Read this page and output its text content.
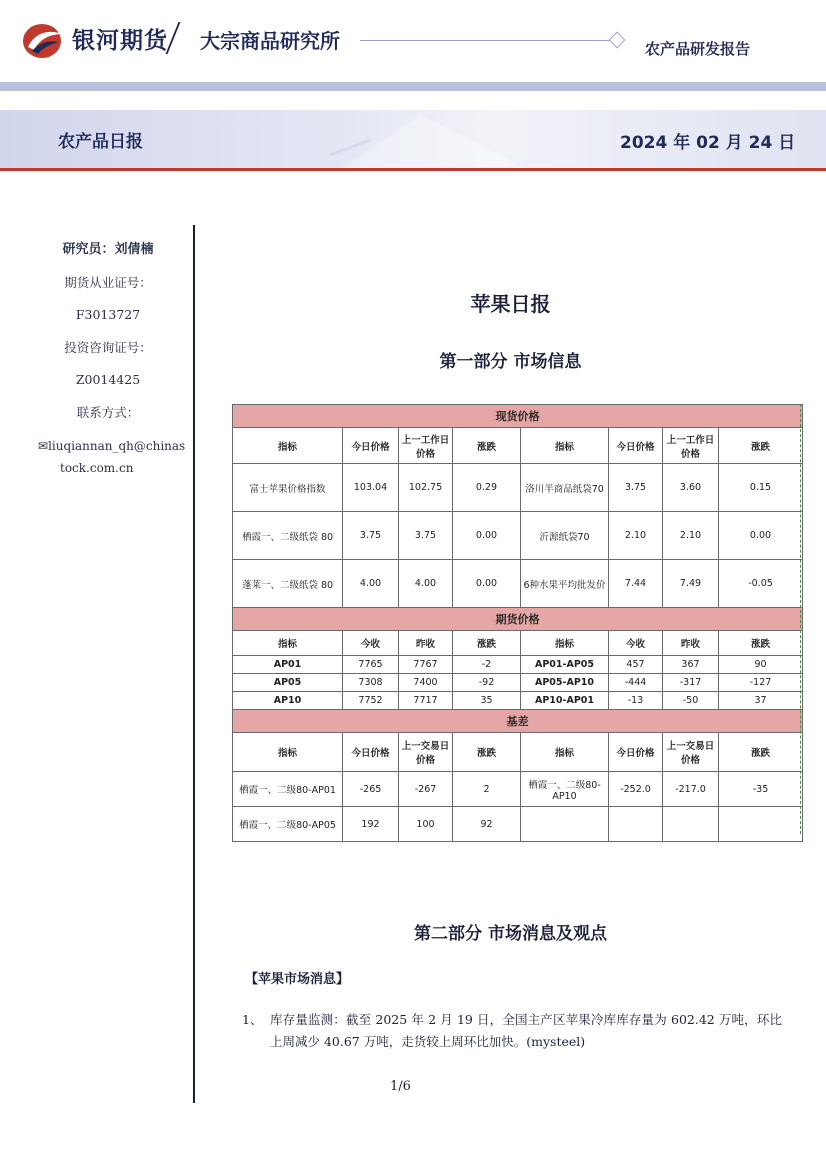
银河期货 大宗商品研究所	农产品研发报告
农产品日报	2024 年 02 月 24 日
研究员：刘倩楠
期货从业证号：
F3013727
投资咨询证号：
Z0014425
联系方式：
✉liuqiannan_qh@chinas
tock.com.cn
苹果日报
第一部分 市场信息
现货价格							
指标	今日价格	上一工作日价格	涨跌	指标	今日价格	上一工作日价格	涨跌
富士苹果价格指数	103.04	102.75	0.29	洛川半商品纸袋70	3.75	3.60	0.15
栖霞一、二级纸袋 80	3.75	3.75	0.00	沂源纸袋70	2.10	2.10	0.00
蓬莱一、二级纸袋 80	4.00	4.00	0.00	6种水果平均批发价	7.44	7.49	-0.05
期货价格							
指标	今收	昨收	涨跌	指标	今收	昨收	涨跌
AP01	7765	7767	-2	AP01-AP05	457	367	90
AP05	7308	7400	-92	AP05-AP10	-444	-317	-127
AP10	7752	7717	35	AP10-AP01	-13	-50	37
基差							
指标	今日价格	上一交易日价格	涨跌	指标	今日价格	上一交易日价格	涨跌
栖霞一、二级80-AP01	-265	-267	2	栖霞一、二级80-AP10	-252.0	-217.0	-35
栖霞一、二级80-AP05	192	100	92				
第二部分 市场消息及观点
【苹果市场消息】
1、 库存量监测：截至 2025 年 2 月 19 日，全国主产区苹果冷库库存量为 602.42 万吨，环比上周减少 40.67 万吨，走货较上周环比加快。(mysteel)
1/6
